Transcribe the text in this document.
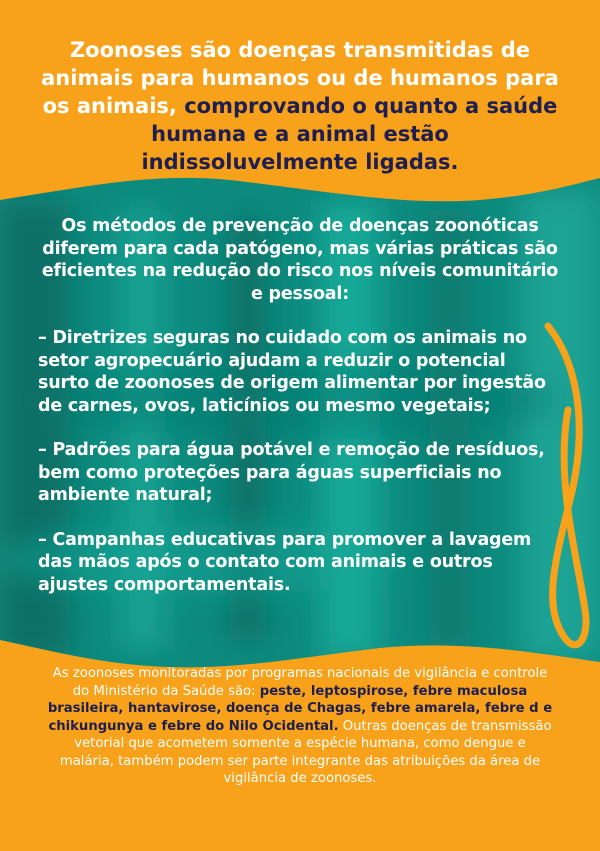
Zoonoses são doenças transmitidas de animais para humanos ou de humanos para os animais, comprovando o quanto a saúde humana e a animal estão indissoluvelmente ligadas.
Os métodos de prevenção de doenças zoonóticas diferem para cada patógeno, mas várias práticas são eficientes na redução do risco nos níveis comunitário e pessoal:
– Diretrizes seguras no cuidado com os animais no setor agropecuário ajudam a reduzir o potencial surto de zoonoses de origem alimentar por ingestão de carnes, ovos, laticínios ou mesmo vegetais;
– Padrões para água potável e remoção de resíduos, bem como proteções para águas superficiais no ambiente natural;
– Campanhas educativas para promover a lavagem das mãos após o contato com animais e outros ajustes comportamentais.
As zoonoses monitoradas por programas nacionais de vigilância e controle do Ministério da Saúde são: peste, leptospirose, febre maculosa brasileira, hantavirose, doença de Chagas, febre amarela, febre d e chikungunya e febre do Nilo Ocidental. Outras doenças de transmissão vetorial que acometem somente a espécie humana, como dengue e malária, também podem ser parte integrante das atribuições da área de vigilância de zoonoses.
